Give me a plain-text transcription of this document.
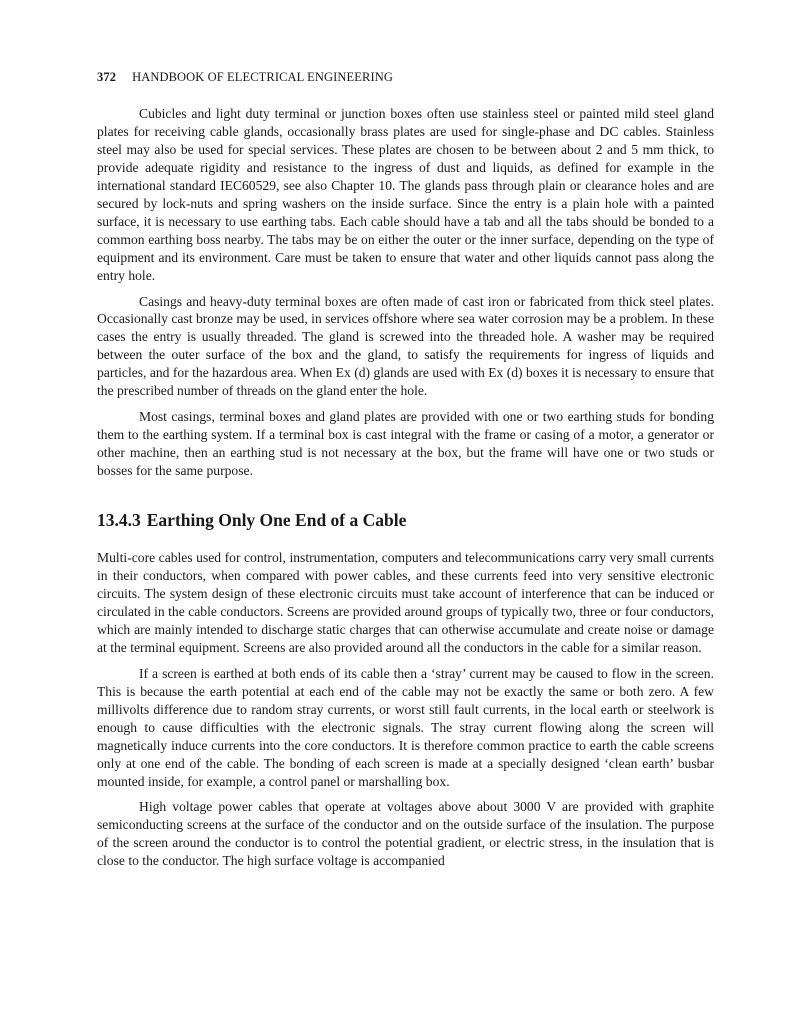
372 HANDBOOK OF ELECTRICAL ENGINEERING

Cubicles and light duty terminal or junction boxes often use stainless steel or painted mild steel gland plates for receiving cable glands, occasionally brass plates are used for single-phase and DC cables. Stainless steel may also be used for special services. These plates are chosen to be between about 2 and 5 mm thick, to provide adequate rigidity and resistance to the ingress of dust and liquids, as defined for example in the international standard IEC60529, see also Chapter 10. The glands pass through plain or clearance holes and are secured by lock-nuts and spring washers on the inside surface. Since the entry is a plain hole with a painted surface, it is necessary to use earthing tabs. Each cable should have a tab and all the tabs should be bonded to a common earthing boss nearby. The tabs may be on either the outer or the inner surface, depending on the type of equipment and its environment. Care must be taken to ensure that water and other liquids cannot pass along the entry hole.

Casings and heavy-duty terminal boxes are often made of cast iron or fabricated from thick steel plates. Occasionally cast bronze may be used, in services offshore where sea water corrosion may be a problem. In these cases the entry is usually threaded. The gland is screwed into the threaded hole. A washer may be required between the outer surface of the box and the gland, to satisfy the requirements for ingress of liquids and particles, and for the hazardous area. When Ex (d) glands are used with Ex (d) boxes it is necessary to ensure that the prescribed number of threads on the gland enter the hole.

Most casings, terminal boxes and gland plates are provided with one or two earthing studs for bonding them to the earthing system. If a terminal box is cast integral with the frame or casing of a motor, a generator or other machine, then an earthing stud is not necessary at the box, but the frame will have one or two studs or bosses for the same purpose.

13.4.3 Earthing Only One End of a Cable

Multi-core cables used for control, instrumentation, computers and telecommunications carry very small currents in their conductors, when compared with power cables, and these currents feed into very sensitive electronic circuits. The system design of these electronic circuits must take account of interference that can be induced or circulated in the cable conductors. Screens are provided around groups of typically two, three or four conductors, which are mainly intended to discharge static charges that can otherwise accumulate and create noise or damage at the terminal equipment. Screens are also provided around all the conductors in the cable for a similar reason.

If a screen is earthed at both ends of its cable then a ‘stray’ current may be caused to flow in the screen. This is because the earth potential at each end of the cable may not be exactly the same or both zero. A few millivolts difference due to random stray currents, or worst still fault currents, in the local earth or steelwork is enough to cause difficulties with the electronic signals. The stray current flowing along the screen will magnetically induce currents into the core conductors. It is therefore common practice to earth the cable screens only at one end of the cable. The bonding of each screen is made at a specially designed ‘clean earth’ busbar mounted inside, for example, a control panel or marshalling box.

High voltage power cables that operate at voltages above about 3000 V are provided with graphite semiconducting screens at the surface of the conductor and on the outside surface of the insulation. The purpose of the screen around the conductor is to control the potential gradient, or electric stress, in the insulation that is close to the conductor. The high surface voltage is accompanied
